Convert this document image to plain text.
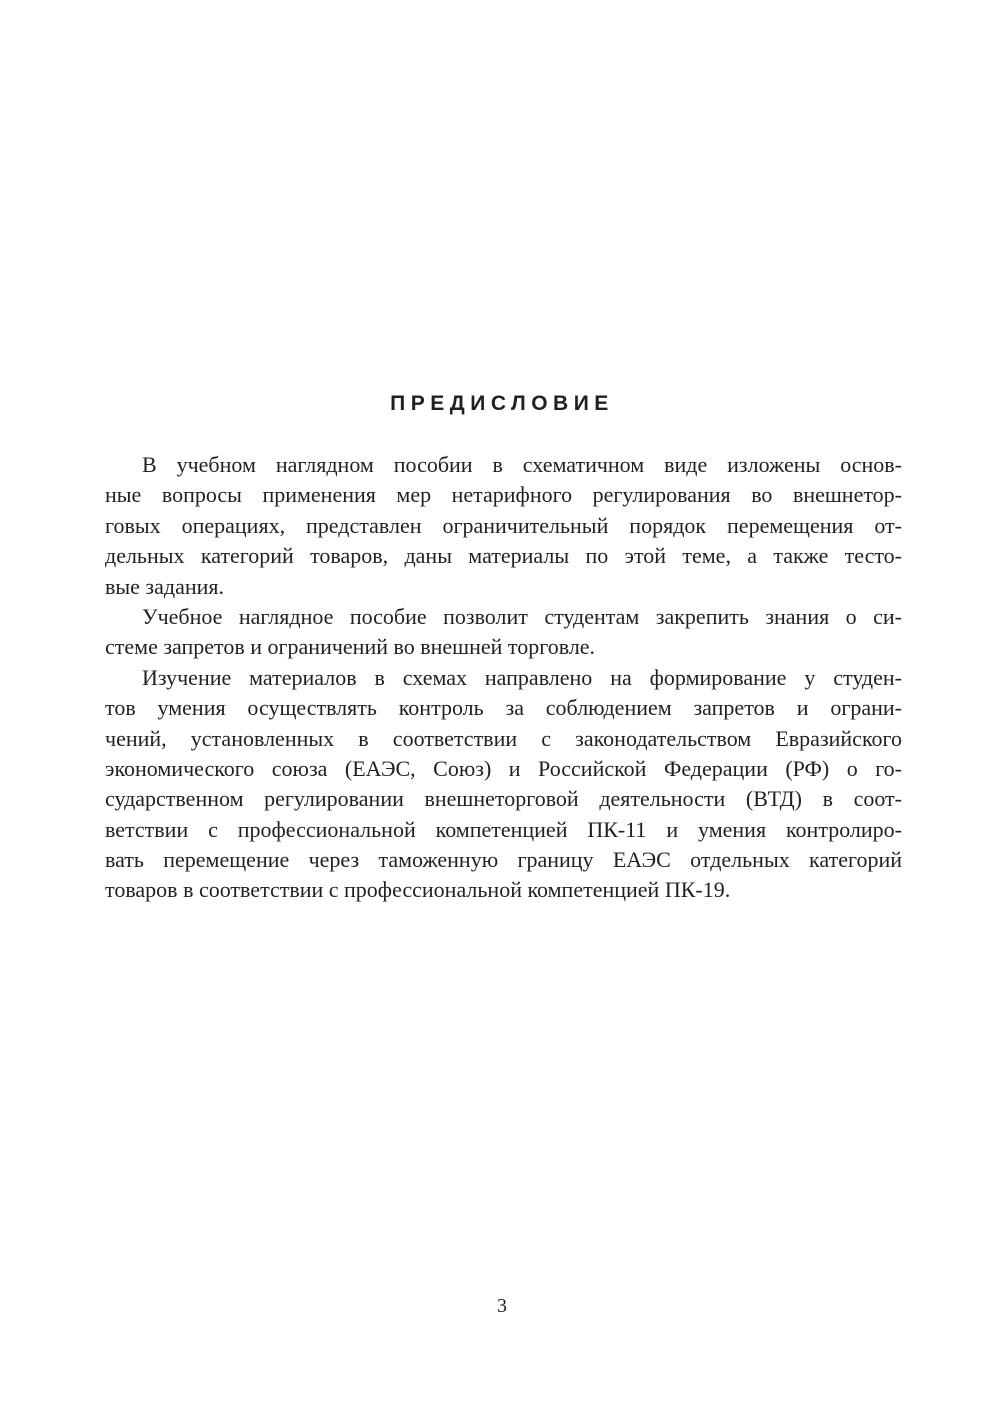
ПРЕДИСЛОВИЕ
В учебном наглядном пособии в схематичном виде изложены основ-
ные вопросы применения мер нетарифного регулирования во внешнетор-
говых операциях, представлен ограничительный порядок перемещения от-
дельных категорий товаров, даны материалы по этой теме, а также тесто-
вые задания.
Учебное наглядное пособие позволит студентам закрепить знания о си-
стеме запретов и ограничений во внешней торговле.
Изучение материалов в схемах направлено на формирование у студен-
тов умения осуществлять контроль за соблюдением запретов и ограни-
чений, установленных в соответствии с законодательством Евразийского
экономического союза (ЕАЭС, Союз) и Российской Федерации (РФ) о го-
сударственном регулировании внешнеторговой деятельности (ВТД) в соот-
ветствии с профессиональной компетенцией ПК-11 и умения контролиро-
вать перемещение через таможенную границу ЕАЭС отдельных категорий
товаров в соответствии с профессиональной компетенцией ПК-19.
3
